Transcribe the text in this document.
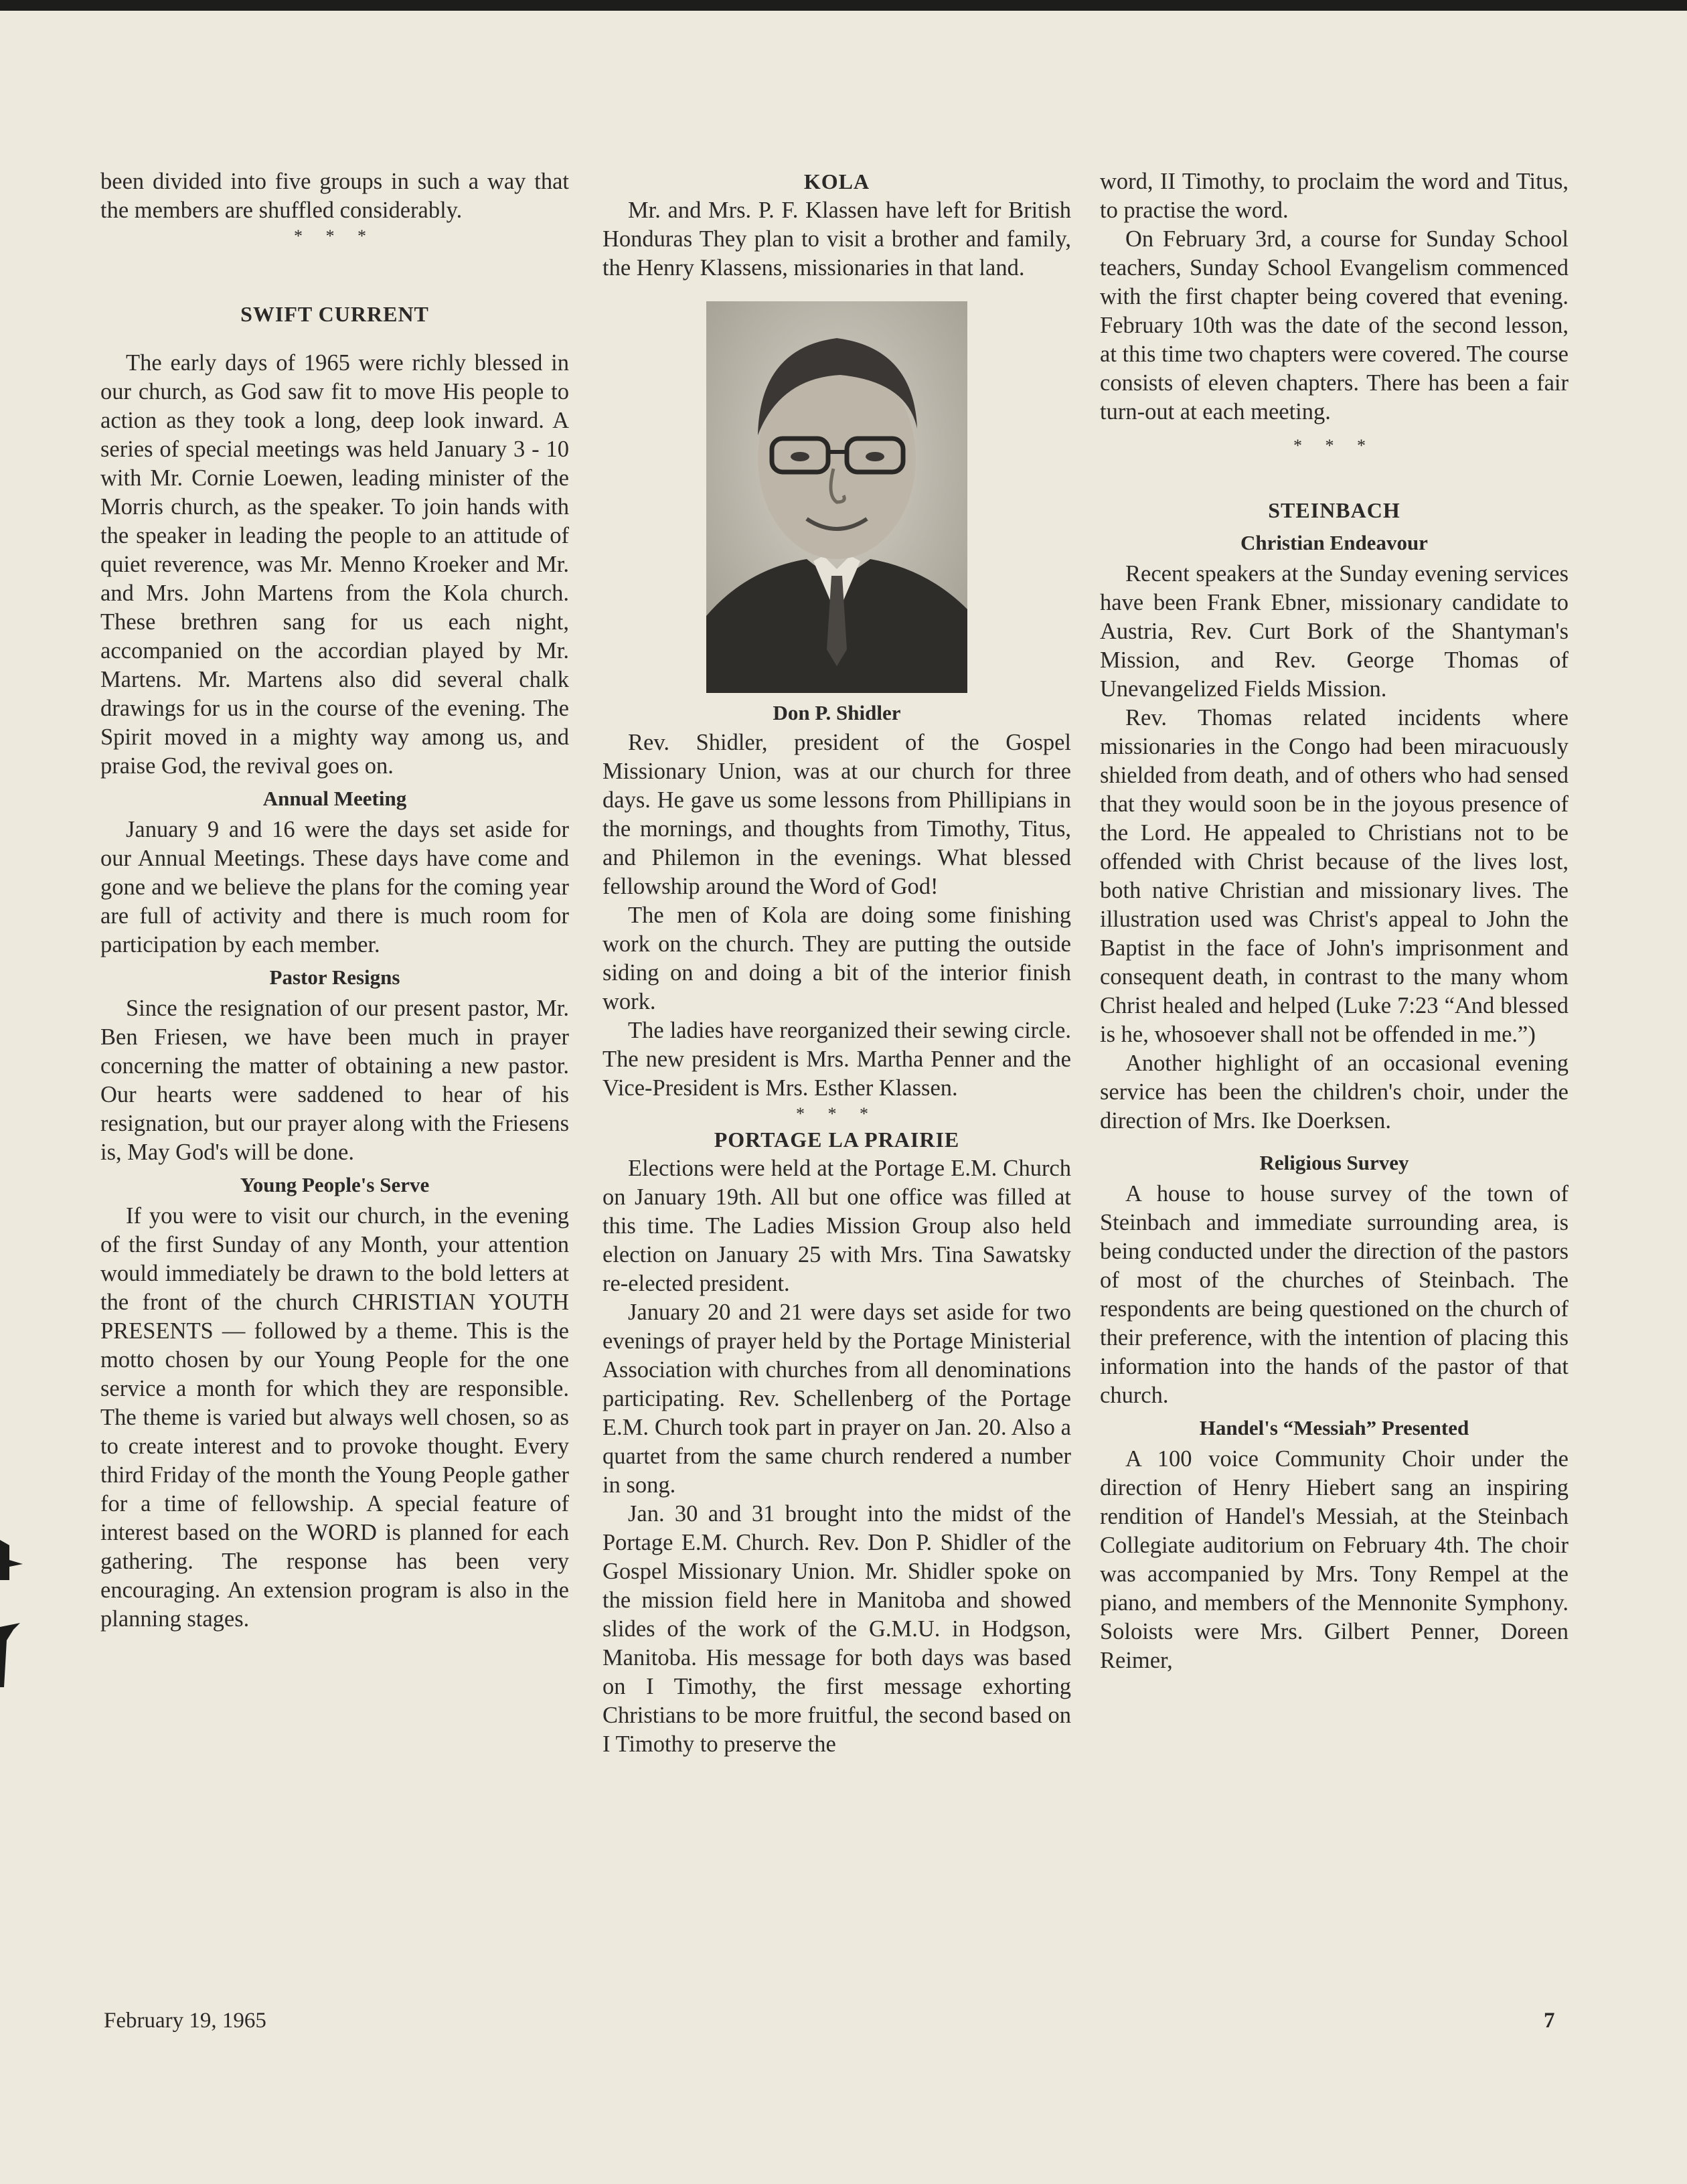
been divided into five groups in such a way that the members are shuffled considerably.

* * *
SWIFT CURRENT

The early days of 1965 were richly blessed in our church, as God saw fit to move His people to action as they took a long, deep look inward. A series of special meetings was held January 3 - 10 with Mr. Cornie Loewen, leading minister of the Morris church, as the speaker. To join hands with the speaker in leading the people to an attitude of quiet reverence, was Mr. Menno Kroeker and Mr. and Mrs. John Martens from the Kola church. These brethren sang for us each night, accompanied on the accordian played by Mr. Martens. Mr. Martens also did several chalk drawings for us in the course of the evening. The Spirit moved in a mighty way among us, and praise God, the revival goes on.

Annual Meeting

January 9 and 16 were the days set aside for our Annual Meetings. These days have come and gone and we believe the plans for the coming year are full of activity and there is much room for participation by each member.

Pastor Resigns

Since the resignation of our present pastor, Mr. Ben Friesen, we have been much in prayer concerning the matter of obtaining a new pastor. Our hearts were saddened to hear of his resignation, but our prayer along with the Friesens is, May God's will be done.

Young People's Serve

If you were to visit our church, in the evening of the first Sunday of any Month, your attention would immediately be drawn to the bold letters at the front of the church CHRISTIAN YOUTH PRESENTS — followed by a theme. This is the motto chosen by our Young People for the one service a month for which they are responsible. The theme is varied but always well chosen, so as to create interest and to provoke thought. Every third Friday of the month the Young People gather for a time of fellowship. A special feature of interest based on the WORD is planned for each gathering. The response has been very encouraging. An extension program is also in the planning stages.

KOLA

Mr. and Mrs. P. F. Klassen have left for British Honduras They plan to visit a brother and family, the Henry Klassens, missionaries in that land.

Don P. Shidler

Rev. Shidler, president of the Gospel Missionary Union, was at our church for three days. He gave us some lessons from Phillipians in the mornings, and thoughts from Timothy, Titus, and Philemon in the evenings. What blessed fellowship around the Word of God!

The men of Kola are doing some finishing work on the church. They are putting the outside siding on and doing a bit of the interior finish work.

The ladies have reorganized their sewing circle. The new president is Mrs. Martha Penner and the Vice-President is Mrs. Esther Klassen.

* * *
PORTAGE LA PRAIRIE

Elections were held at the Portage E.M. Church on January 19th. All but one office was filled at this time. The Ladies Mission Group also held election on January 25 with Mrs. Tina Sawatsky re-elected president.

January 20 and 21 were days set aside for two evenings of prayer held by the Portage Ministerial Association with churches from all denominations participating. Rev. Schellenberg of the Portage E.M. Church took part in prayer on Jan. 20. Also a quartet from the same church rendered a number in song.

Jan. 30 and 31 brought into the midst of the Portage E.M. Church. Rev. Don P. Shidler of the Gospel Missionary Union. Mr. Shidler spoke on the mission field here in Manitoba and showed slides of the work of the G.M.U. in Hodgson, Manitoba. His message for both days was based on I Timothy, the first message exhorting Christians to be more fruitful, the second based on I Timothy to preserve the

word, II Timothy, to proclaim the word and Titus, to practise the word.

On February 3rd, a course for Sunday School teachers, Sunday School Evangelism commenced with the first chapter being covered that evening. February 10th was the date of the second lesson, at this time two chapters were covered. The course consists of eleven chapters. There has been a fair turn-out at each meeting.

* * *
STEINBACH
Christian Endeavour

Recent speakers at the Sunday evening services have been Frank Ebner, missionary candidate to Austria, Rev. Curt Bork of the Shantyman's Mission, and Rev. George Thomas of Unevangelized Fields Mission.

Rev. Thomas related incidents where missionaries in the Congo had been miracuously shielded from death, and of others who had sensed that they would soon be in the joyous presence of the Lord. He appealed to Christians not to be offended with Christ because of the lives lost, both native Christian and missionary lives. The illustration used was Christ's appeal to John the Baptist in the face of John's imprisonment and consequent death, in contrast to the many whom Christ healed and helped (Luke 7:23 “And blessed is he, whosoever shall not be offended in me.”)

Another highlight of an occasional evening service has been the children's choir, under the direction of Mrs. Ike Doerksen.

Religious Survey

A house to house survey of the town of Steinbach and immediate surrounding area, is being conducted under the direction of the pastors of most of the churches of Steinbach. The respondents are being questioned on the church of their preference, with the intention of placing this information into the hands of the pastor of that church.

Handel's “Messiah” Presented

A 100 voice Community Choir under the direction of Henry Hiebert sang an inspiring rendition of Handel's Messiah, at the Steinbach Collegiate auditorium on February 4th. The choir was accompanied by Mrs. Tony Rempel at the piano, and members of the Mennonite Symphony. Soloists were Mrs. Gilbert Penner, Doreen Reimer,

February 19, 1965	7
